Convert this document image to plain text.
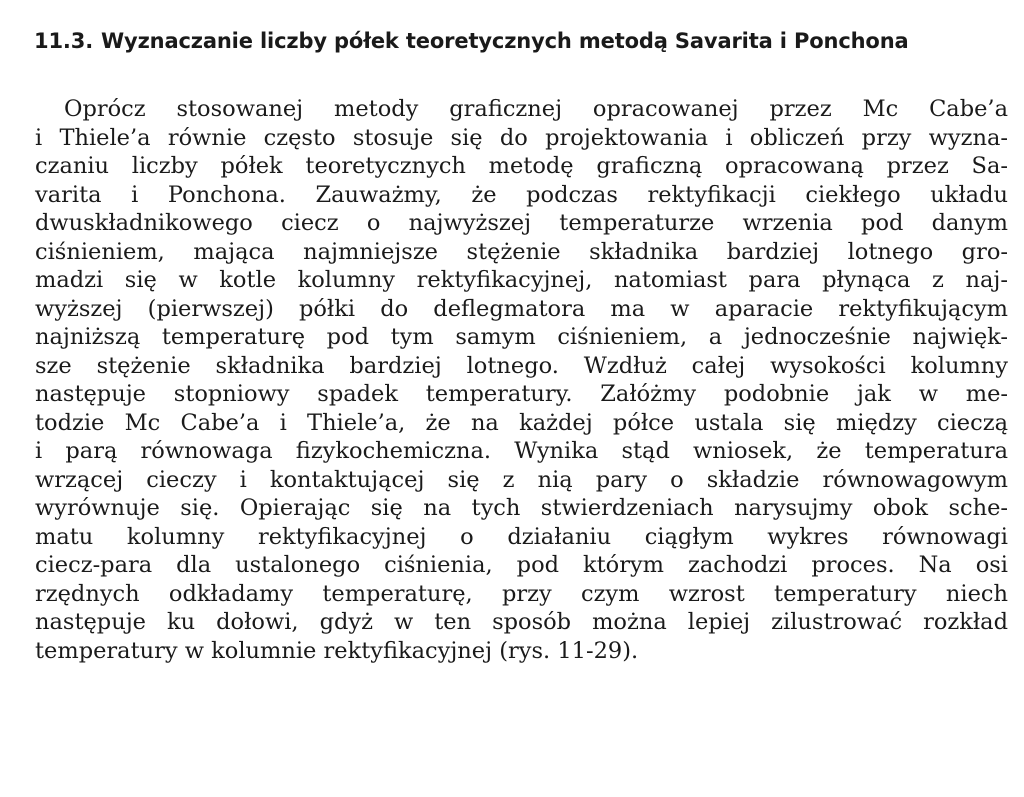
11.3. Wyznaczanie liczby półek teoretycznych metodą Savarita i Ponchona
Oprócz stosowanej metody graficznej opracowanej przez Mc Cabe’a
i Thiele’a równie często stosuje się do projektowania i obliczeń przy wyzna-
czaniu liczby półek teoretycznych metodę graficzną opracowaną przez Sa-
varita i Ponchona. Zauważmy, że podczas rektyfikacji ciekłego układu
dwuskładnikowego ciecz o najwyższej temperaturze wrzenia pod danym
ciśnieniem, mająca najmniejsze stężenie składnika bardziej lotnego gro-
madzi się w kotle kolumny rektyfikacyjnej, natomiast para płynąca z naj-
wyższej (pierwszej) półki do deflegmatora ma w aparacie rektyfikującym
najniższą temperaturę pod tym samym ciśnieniem, a jednocześnie najwięk-
sze stężenie składnika bardziej lotnego. Wzdłuż całej wysokości kolumny
następuje stopniowy spadek temperatury. Załóżmy podobnie jak w me-
todzie Mc Cabe’a i Thiele’a, że na każdej półce ustala się między cieczą
i parą równowaga fizykochemiczna. Wynika stąd wniosek, że temperatura
wrzącej cieczy i kontaktującej się z nią pary o składzie równowagowym
wyrównuje się. Opierając się na tych stwierdzeniach narysujmy obok sche-
matu kolumny rektyfikacyjnej o działaniu ciągłym wykres równowagi
ciecz-para dla ustalonego ciśnienia, pod którym zachodzi proces. Na osi
rzędnych odkładamy temperaturę, przy czym wzrost temperatury niech
następuje ku dołowi, gdyż w ten sposób można lepiej zilustrować rozkład
temperatury w kolumnie rektyfikacyjnej (rys. 11-29).
